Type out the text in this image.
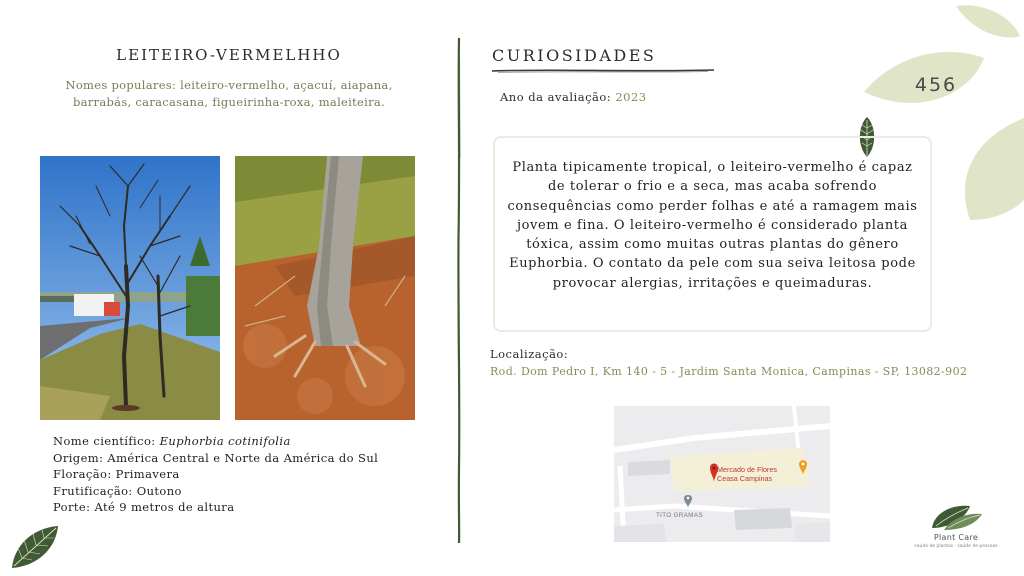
456
LEITEIRO-VERMELHHO
Nomes populares: leiteiro-vermelho, açacuí, aiapana, barrabás, caracasana, figueirinha-roxa, maleiteira.
Nome científico: Euphorbia cotinifolia
Origem: América Central e Norte da América do Sul
Floração: Primavera
Frutificação: Outono
Porte: Até 9 metros de altura
CURIOSIDADES
Ano da avaliação: 2023

Planta tipicamente tropical, o leiteiro-vermelho é capaz de tolerar o frio e a seca, mas acaba sofrendo consequências como perder folhas e até a ramagem mais jovem e fina. O leiteiro-vermelho é considerado planta tóxica, assim como muitas outras plantas do gênero Euphorbia. O contato da pele com sua seiva leitosa pode provocar alergias, irritações e queimaduras.

Localização:
Rod. Dom Pedro I, Km 140 - 5 - Jardim Santa Monica, Campinas - SP, 13082-902
Mercado de Flores
Ceasa Campinas
TITO GRAMAS
Plant Care
saúde de plantas · saúde de pessoas
